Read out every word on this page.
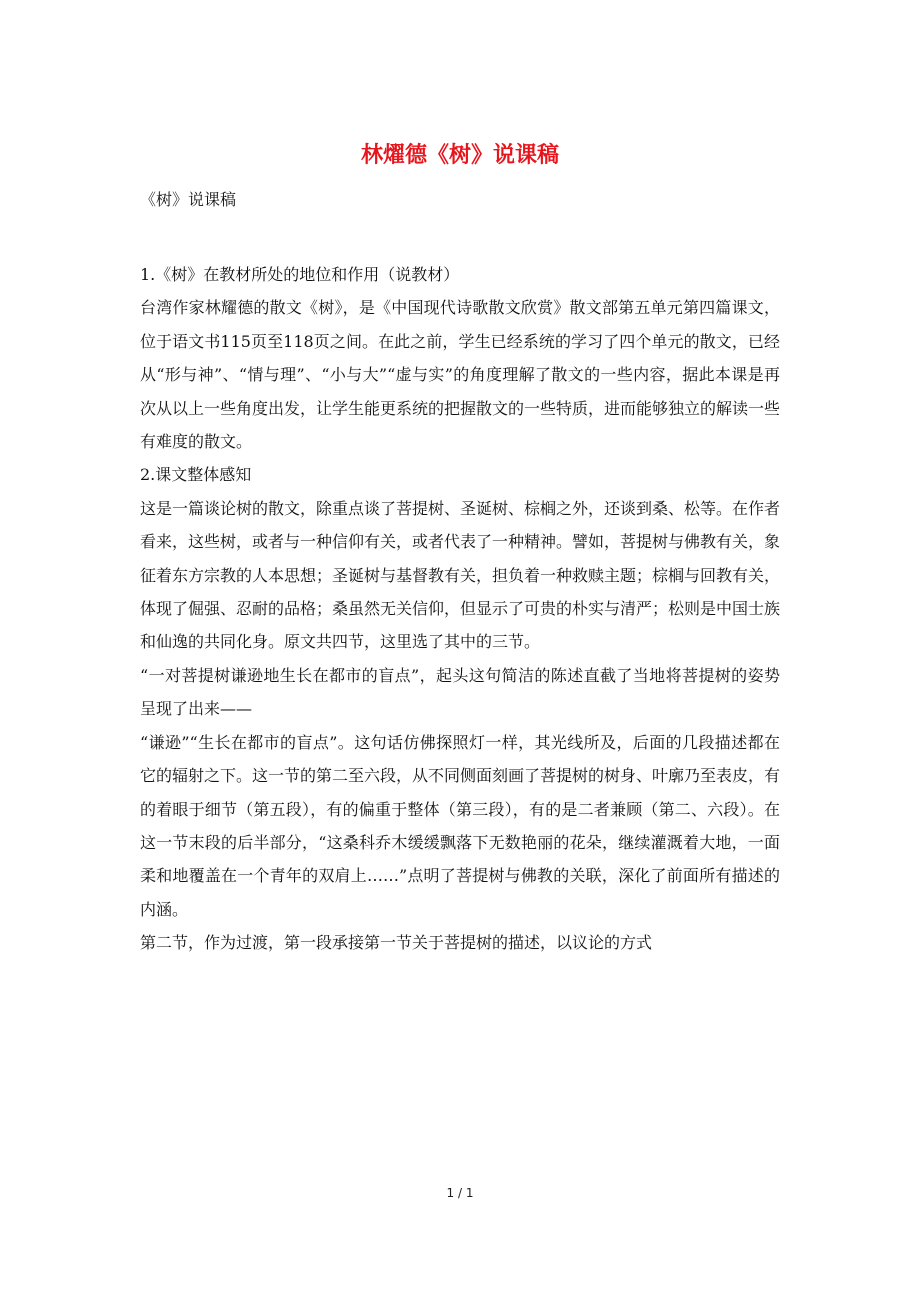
林燿德《树》说课稿

《树》说课稿

1.《树》在教材所处的地位和作用（说教材）

台湾作家林耀德的散文《树》，是《中国现代诗歌散文欣赏》散文部第五单元第四篇课文，位于语文书115页至118页之间。在此之前，学生已经系统的学习了四个单元的散文，已经从“形与神”、“情与理”、“小与大”“虚与实”的角度理解了散文的一些内容，据此本课是再次从以上一些角度出发，让学生能更系统的把握散文的一些特质，进而能够独立的解读一些有难度的散文。

2.课文整体感知

这是一篇谈论树的散文，除重点谈了菩提树、圣诞树、棕榈之外，还谈到桑、松等。在作者看来，这些树，或者与一种信仰有关，或者代表了一种精神。譬如，菩提树与佛教有关，象征着东方宗教的人本思想；圣诞树与基督教有关，担负着一种救赎主题；棕榈与回教有关，体现了倔强、忍耐的品格；桑虽然无关信仰，但显示了可贵的朴实与清严；松则是中国士族和仙逸的共同化身。原文共四节，这里选了其中的三节。

“一对菩提树谦逊地生长在都市的盲点”，起头这句简洁的陈述直截了当地将菩提树的姿势呈现了出来——

“谦逊”“生长在都市的盲点”。这句话仿佛探照灯一样，其光线所及，后面的几段描述都在它的辐射之下。这一节的第二至六段，从不同侧面刻画了菩提树的树身、叶廓乃至表皮，有的着眼于细节（第五段），有的偏重于整体（第三段），有的是二者兼顾（第二、六段）。在这一节末段的后半部分，“这桑科乔木缓缓飘落下无数艳丽的花朵，继续灌溉着大地，一面柔和地覆盖在一个青年的双肩上……”点明了菩提树与佛教的关联，深化了前面所有描述的内涵。

第二节，作为过渡，第一段承接第一节关于菩提树的描述，以议论的方式

1 / 1
